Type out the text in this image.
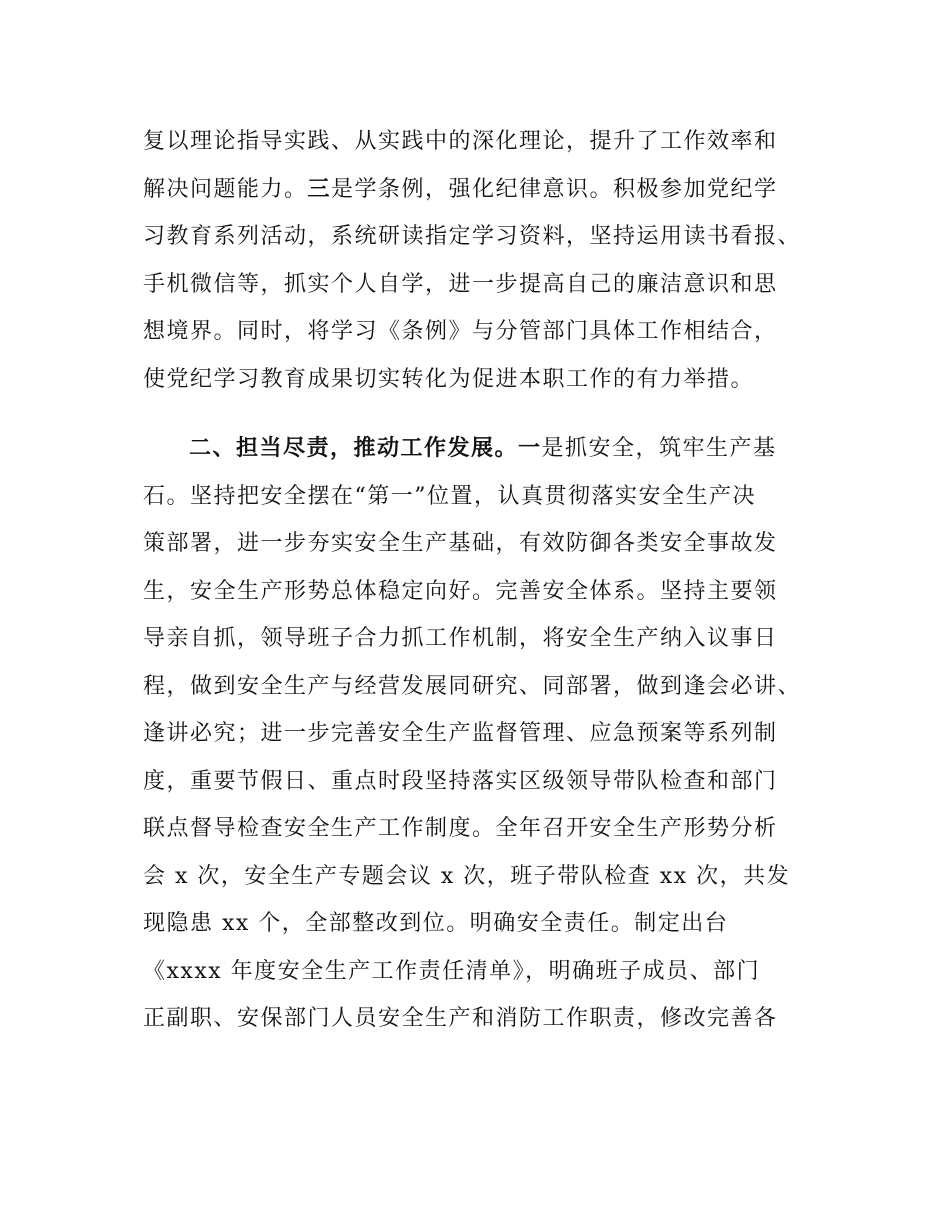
复以理论指导实践、从实践中的深化理论，提升了工作效率和
解决问题能力。三是学条例，强化纪律意识。积极参加党纪学
习教育系列活动，系统研读指定学习资料，坚持运用读书看报、
手机微信等，抓实个人自学，进一步提高自己的廉洁意识和思
想境界。同时，将学习《条例》与分管部门具体工作相结合，
使党纪学习教育成果切实转化为促进本职工作的有力举措。
二、担当尽责，推动工作发展。一是抓安全，筑牢生产基
石。坚持把安全摆在“第一”位置，认真贯彻落实安全生产决
策部署，进一步夯实安全生产基础，有效防御各类安全事故发
生，安全生产形势总体稳定向好。完善安全体系。坚持主要领
导亲自抓，领导班子合力抓工作机制，将安全生产纳入议事日
程，做到安全生产与经营发展同研究、同部署，做到逢会必讲、
逢讲必究；进一步完善安全生产监督管理、应急预案等系列制
度，重要节假日、重点时段坚持落实区级领导带队检查和部门
联点督导检查安全生产工作制度。全年召开安全生产形势分析
会 x 次，安全生产专题会议 x 次，班子带队检查 xx 次，共发
现隐患 xx 个，全部整改到位。明确安全责任。制定出台
《xxxx 年度安全生产工作责任清单》，明确班子成员、部门
正副职、安保部门人员安全生产和消防工作职责，修改完善各
